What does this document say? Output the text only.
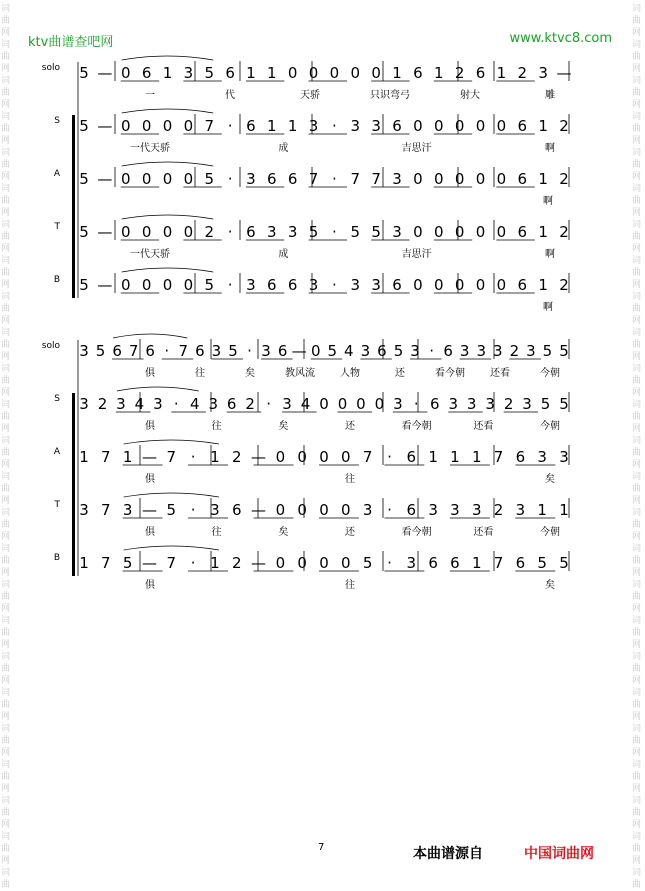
词
曲
网
词
曲
网
词
曲
网
词
曲
网
词
曲
网
词
曲
网
词
曲
网
词
曲
网
词
曲
网
词
曲
网
词
曲
网
词
曲
网
词
曲
网
词
曲
网
词
曲
网
词
曲
网
词
曲
网
词
曲
网
词
曲
网
词
曲
网
词
曲
网
词
曲
网
词
曲
网
词
曲
网
词
曲
词
曲
网
词
曲
网
词
曲
网
词
曲
网
词
曲
网
词
曲
网
词
曲
网
词
曲
网
词
曲
网
词
曲
网
词
曲
网
词
曲
网
词
曲
网
词
曲
网
词
曲
网
词
曲
网
词
曲
网
词
曲
网
词
曲
网
词
曲
网
词
曲
网
词
曲
网
词
曲
网
词
曲
网
词
曲
ktv曲谱查吧网	www.ktvc8.com
solo 5 — 0 6 1 3 5 6 1 1 0 0 0 0 0 1 6 1 2 6 1 2 3 —
一	代	天骄	只识弯弓	射大	雕
S 5 — 0 0 0 0 7 · 6 1 1 3 · 3 3 6 0 0 0 0 0 6 1 2
一代天骄	成	吉思汗	啊
A 5 — 0 0 0 0 5 · 3 6 6 7 · 7 7 3 0 0 0 0 0 6 1 2
啊
T 5 — 0 0 0 0 2 · 6 3 3 5 · 5 5 3 0 0 0 0 0 6 1 2
一代天骄	成	吉思汗	啊
B 5 — 0 0 0 0 5 · 3 6 6 3 · 3 3 6 0 0 0 0 0 6 1 2
啊
solo 3 5 6 7 6 · 7 6 3 5 · 3 6 — 0 5 4 3 6 5 3 · 6 3 3 3 2 3 5 5
俱	往	矣	教风流	人物	还	看今朝	还看	今朝
S 3 2 3 4 3 · 4 3 6 2 · 3 4 0 0 0 0 3 · 6 3 3 3 2 3 5 5
俱	往	矣	还	看今朝	还看	今朝
A 1 7 1 — 7 · 1 2 — 0 0 0 0 7 · 6 1 1 1 7 6 3 3
俱	往	矣
T 3 7 3 — 5 · 3 6 — 0 0 0 0 3 · 6 3 3 3 2 3 1 1
俱	往	矣	还	看今朝	还看	今朝
B 1 7 5 — 7 · 1 2 — 0 0 0 0 5 · 3 6 6 1 7 6 5 5
俱	往	矣
7	本曲谱源自	中国词曲网
